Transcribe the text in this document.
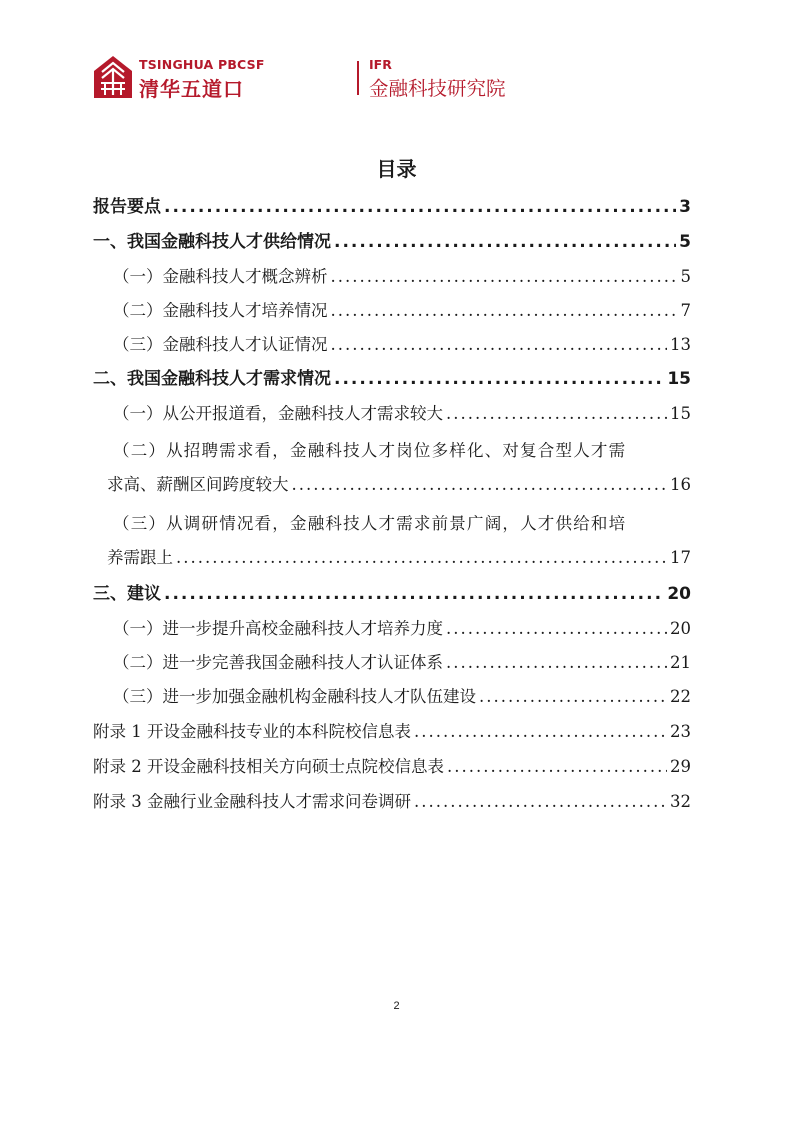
TSINGHUA PBCSF
清华五道口
IFR
金融科技研究院
目录
报告要点 .....	3
一、我国金融科技人才供给情况 .....	5
（一）金融科技人才概念辨析 .....	5
（二）金融科技人才培养情况 .....	7
（三）金融科技人才认证情况 .....	13
二、我国金融科技人才需求情况 .....	15
（一）从公开报道看，金融科技人才需求较大 .....	15
（二）从招聘需求看，金融科技人才岗位多样化、对复合型人才需
求高、薪酬区间跨度较大 .....	16
（三）从调研情况看，金融科技人才需求前景广阔，人才供给和培
养需跟上 .....	17
三、建议 .....	20
（一）进一步提升高校金融科技人才培养力度 .....	20
（二）进一步完善我国金融科技人才认证体系 .....	21
（三）进一步加强金融机构金融科技人才队伍建设 .....	22
附录 1 开设金融科技专业的本科院校信息表 .....	23
附录 2 开设金融科技相关方向硕士点院校信息表 .....	29
附录 3 金融行业金融科技人才需求问卷调研 .....	32
2
